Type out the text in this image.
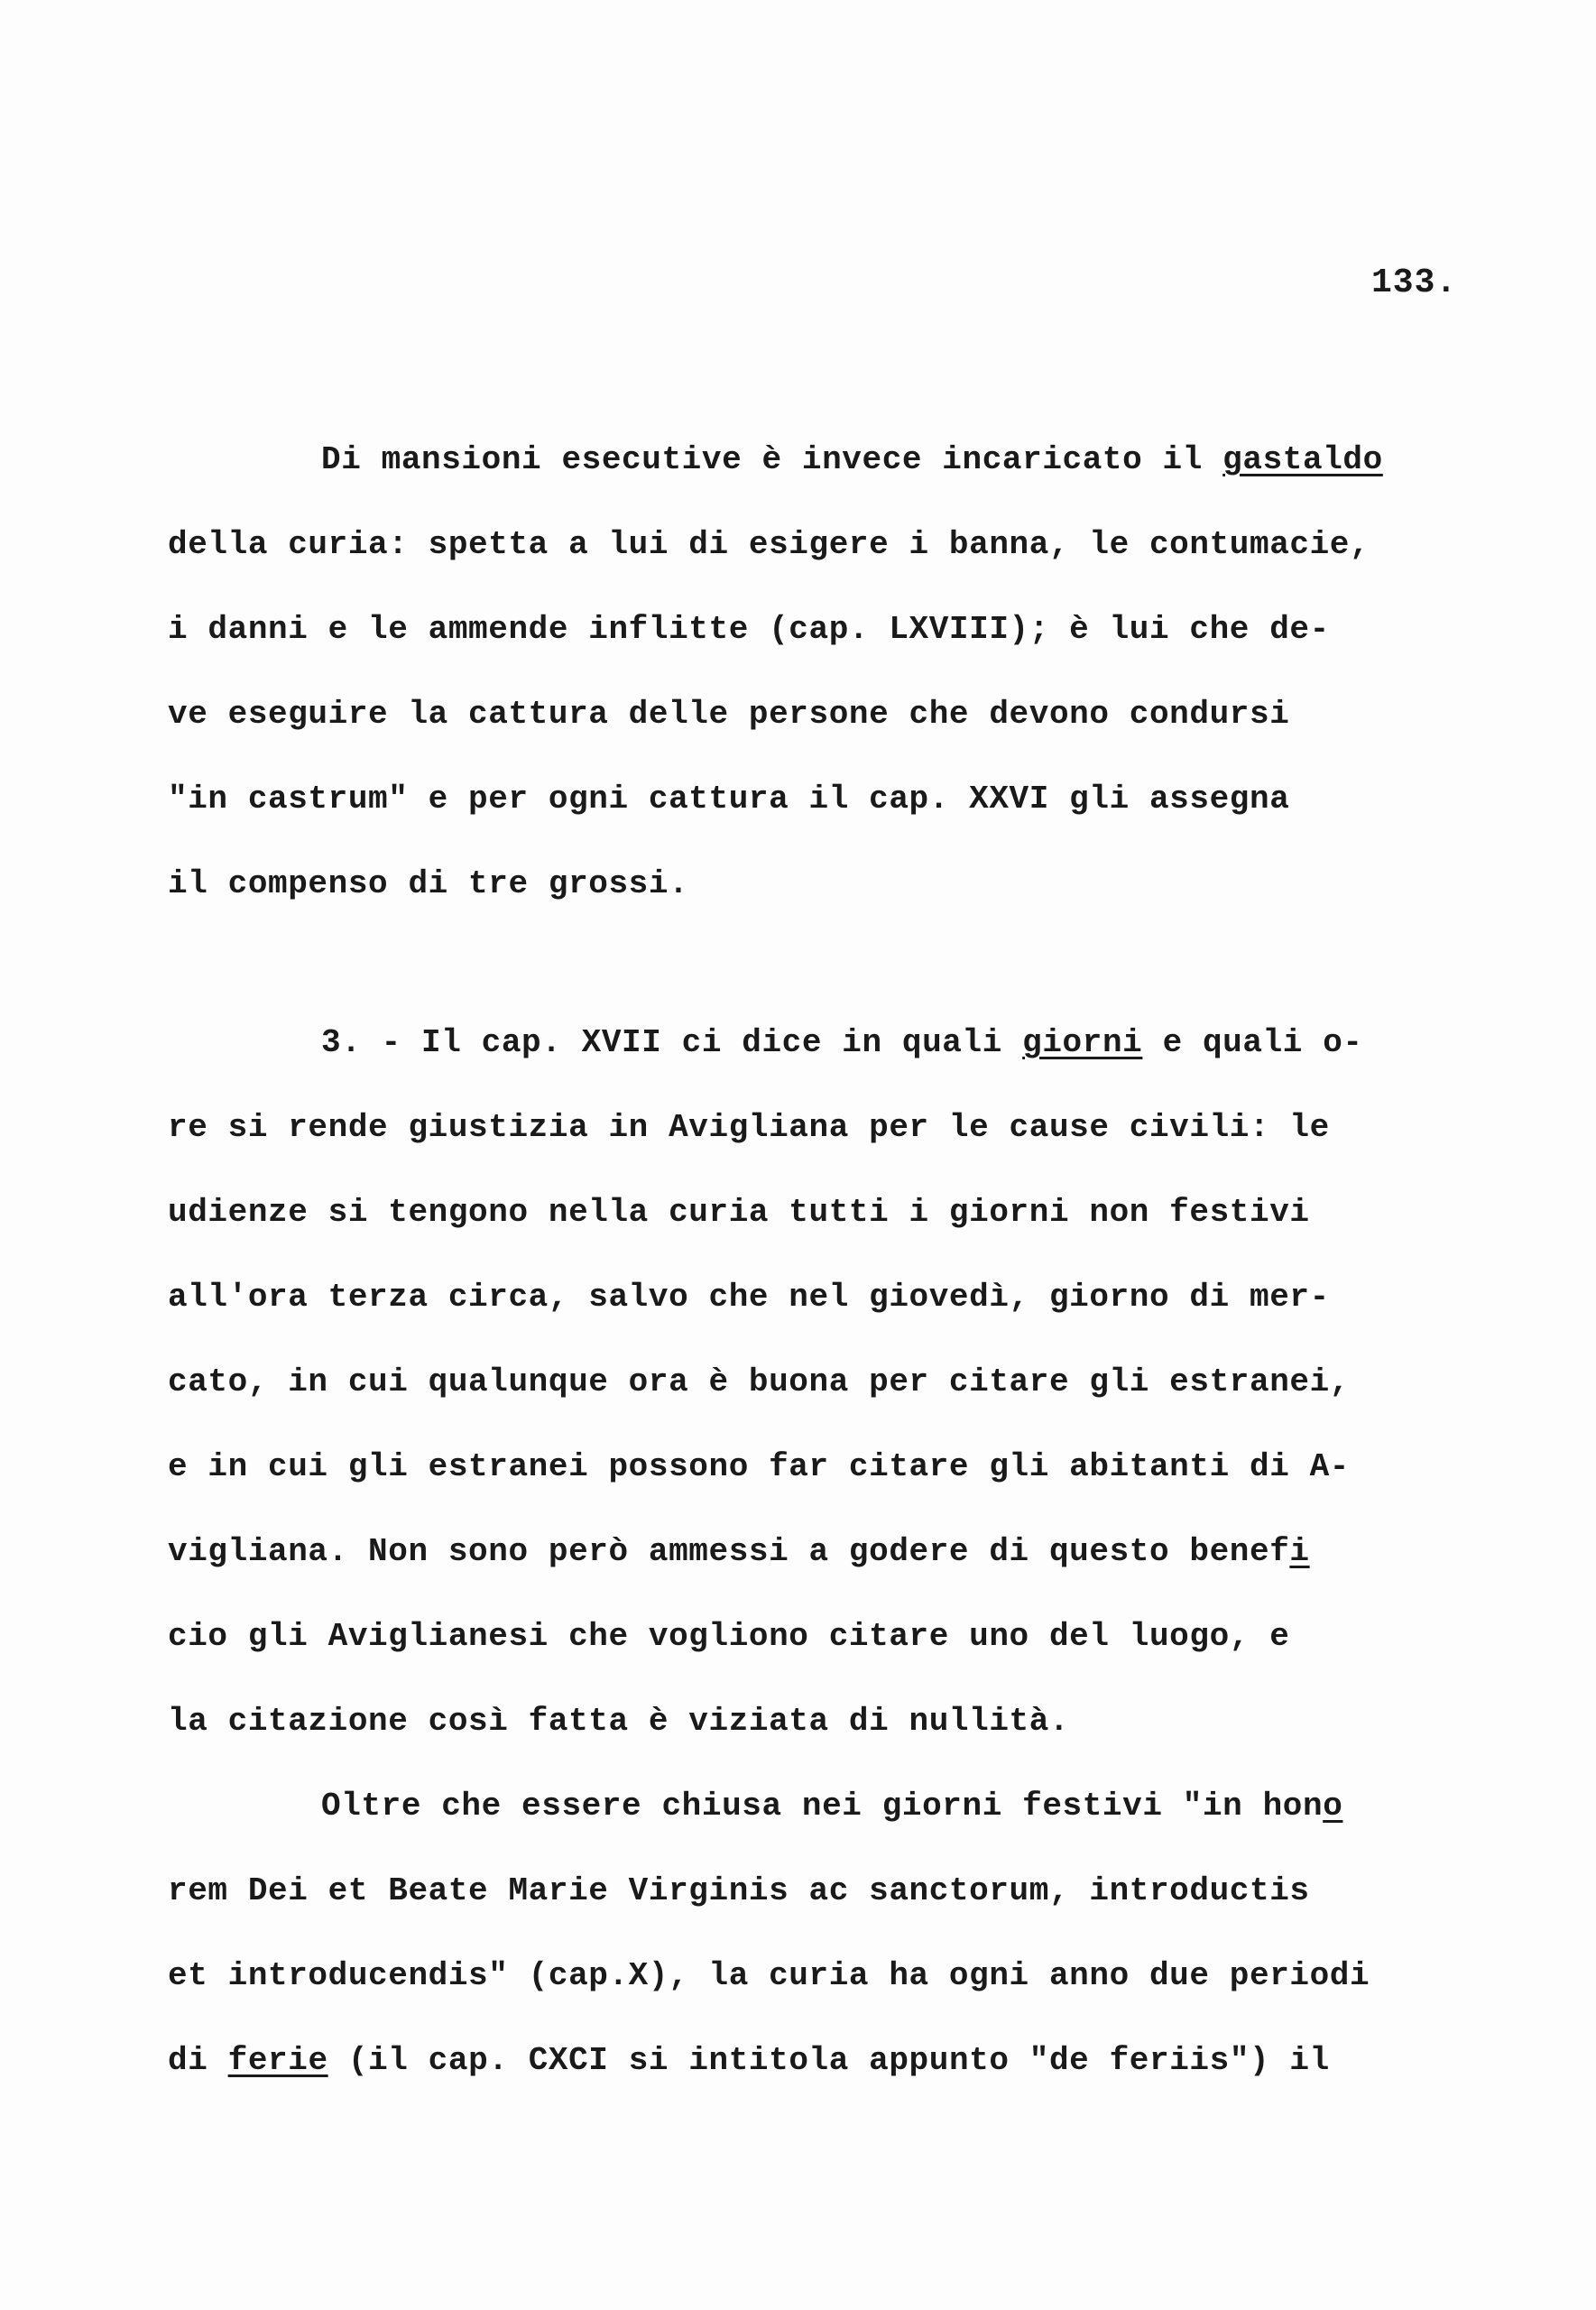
133.
Di mansioni esecutive è invece incaricato il gastaldo
della curia: spetta a lui di esigere i banna, le contumacie,
i danni e le ammende inflitte (cap. LXVIII); è lui che de-
ve eseguire la cattura delle persone che devono condursi
"in castrum" e per ogni cattura il cap. XXVI gli assegna
il compenso di tre grossi.
3. - Il cap. XVII ci dice in quali giorni e quali o-
re si rende giustizia in Avigliana per le cause civili: le
udienze si tengono nella curia tutti i giorni non festivi
all'ora terza circa, salvo che nel giovedì, giorno di mer-
cato, in cui qualunque ora è buona per citare gli estranei,
e in cui gli estranei possono far citare gli abitanti di A-
vigliana. Non sono però ammessi a godere di questo benefi
cio gli Aviglianesi che vogliono citare uno del luogo, e
la citazione così fatta è viziata di nullità.
Oltre che essere chiusa nei giorni festivi "in hono
rem Dei et Beate Marie Virginis ac sanctorum, introductis
et introducendis" (cap.X), la curia ha ogni anno due periodi
di ferie (il cap. CXCI si intitola appunto "de feriis") il
